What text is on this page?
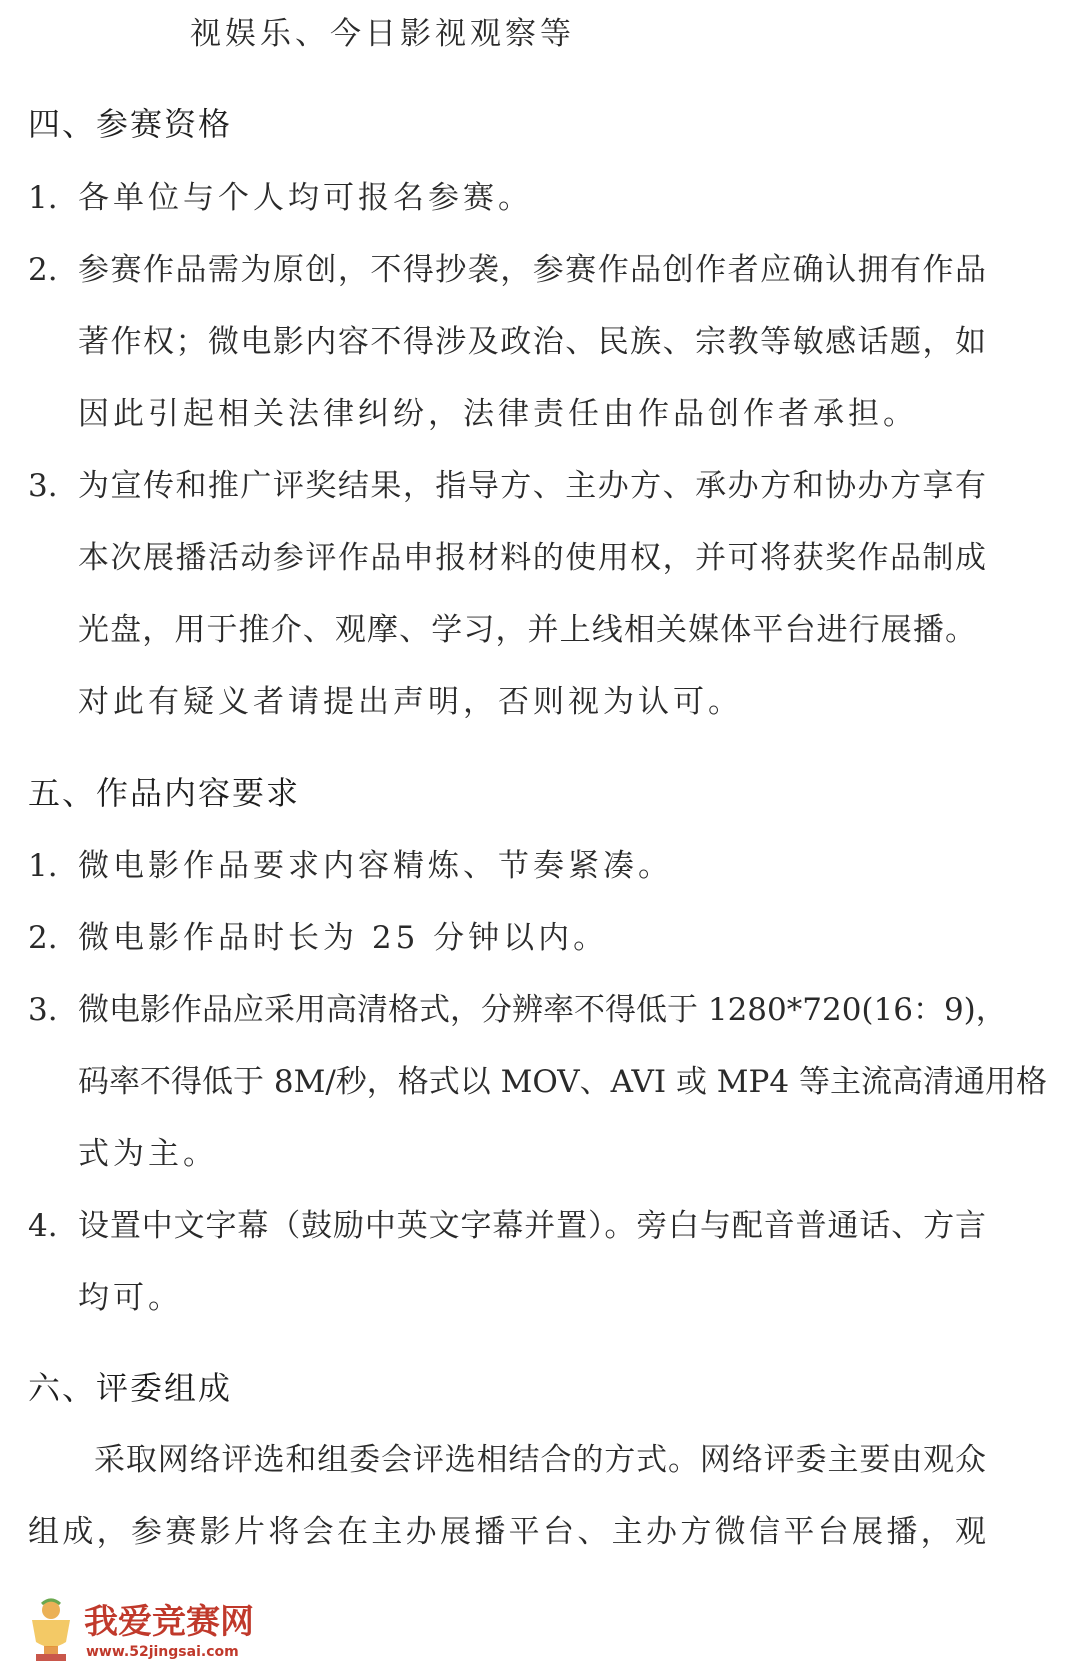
视娱乐、今日影视观察等
四、参赛资格
1. 各单位与个人均可报名参赛。
2. 参赛作品需为原创，不得抄袭，参赛作品创作者应确认拥有作品
著作权；微电影内容不得涉及政治、民族、宗教等敏感话题，如
因此引起相关法律纠纷，法律责任由作品创作者承担。
3. 为宣传和推广评奖结果，指导方、主办方、承办方和协办方享有
本次展播活动参评作品申报材料的使用权，并可将获奖作品制成
光盘，用于推介、观摩、学习，并上线相关媒体平台进行展播。
对此有疑义者请提出声明，否则视为认可。
五、作品内容要求
1. 微电影作品要求内容精炼、节奏紧凑。
2. 微电影作品时长为 25 分钟以内。
3. 微电影作品应采用高清格式，分辨率不得低于 1280*720(16：9)，
码率不得低于 8M/秒，格式以 MOV、AVI 或 MP4 等主流高清通用格
式为主。
4. 设置中文字幕（鼓励中英文字幕并置）。旁白与配音普通话、方言
均可。
六、评委组成
采取网络评选和组委会评选相结合的方式。网络评委主要由观众
组成，参赛影片将会在主办展播平台、主办方微信平台展播，观
我爱竞赛网
www.52jingsai.com
